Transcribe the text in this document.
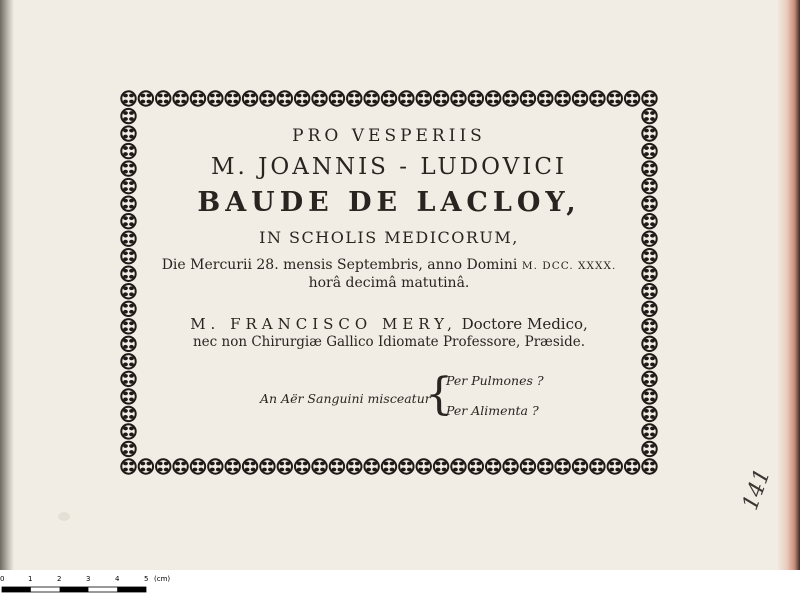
PRO VESPERIIS
M. JOANNIS - LUDOVICI
BAUDE DE LACLOY,
IN SCHOLIS MEDICORUM,
Die Mercurii 28. mensis Septembris, anno Domini M. DCC. XXXX.
horâ decimâ matutinâ.
M. FRANCISCO MERY, Doctore Medico,
nec non Chirurgiæ Gallico Idiomate Professore, Præside.
An Aër Sanguini misceatur
{
Per Pulmones ?
Per Alimenta ?
141
0	1	2	3	4	5 (cm)
